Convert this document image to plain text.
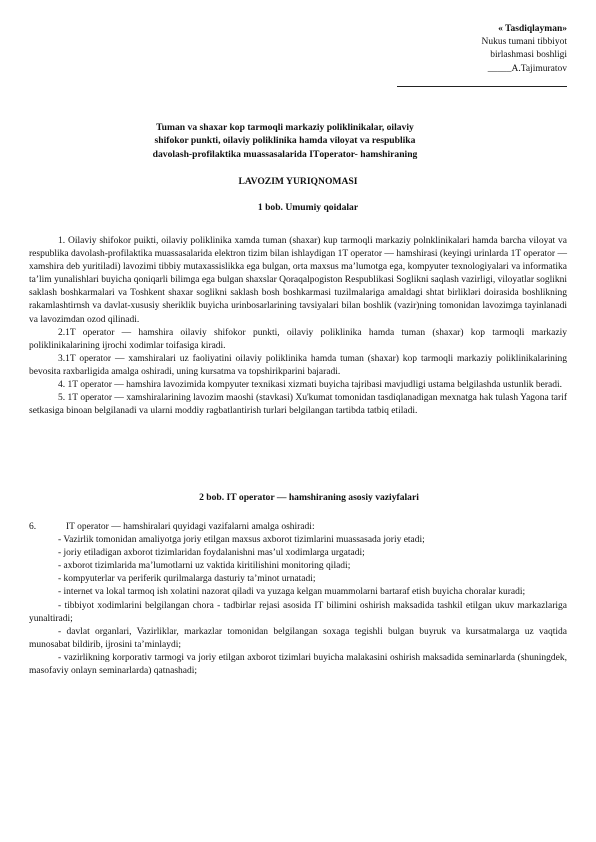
« Tasdiqlayman»
Nukus tumani tibbiyot
birlashmasi boshligi
_____A.Tajimuratov
Tuman va shaxar kop tarmoqli markaziy poliklinikalar, oilaviy
shifokor punkti, oilaviy poliklinika hamda viloyat va respublika
davolash-profilaktika muassasalarida ITоperator- hamshiraning
LAVOZIM YURIQNOMASI
1 bob. Umumiy qoidalar

1. Oilaviy shifokor puikti, oilaviy poliklinika xamda tuman (shaxar) kup tarmoqli markaziy polnklinikalari hamda barcha viloyat va respublika davolash-profilaktika muassasalarida elektron tizim bilan ishlaydigan 1T operator — hamshirasi (keyingi urinlarda 1T operator — xamshira deb yuritiladi) lavozimi tibbiy mutaxassislikka ega bulgan, orta maxsus ma’lumotga ega, kompyuter texnologiyalari va informatika ta’lim yunalishlari buyicha qoniqarli bilimga ega bulgan shaxslar Qoraqalpogiston Respublikasi Soglikni saqlash vazirligi, viloyatlar soglikni saklash boshkarmalari va Toshkent shaxar soglikni saklash bosh boshkarmasi tuzilmalariga amaldagi shtat birlikləri doirasida boshlikning rakamlashtirnsh va davlat-xususiy sheriklik buyicha urinbosarlarining tavsiyalari bilan boshlik (vazir)ning tomonidan lavozimga tayinlanadi va lavozimdan ozod qilinadi.

2.1T operator — hamshira oilaviy shifokor punkti, oilaviy poliklinika hamda tuman (shaxar) kop tarmoqli markaziy poliklinikalarining ijrochi xodimlar toifasiga kiradi.

3.1T operator — xamshiralari uz faoliyatini oilaviy poliklinika hamda tuman (shaxar) kop tarmoqli markaziy poliklinikalarining bevosita raxbarligida amalga oshiradi, uning kursatma va topshirikparini bajaradi.

4. 1T operator — hamshira lavozimida kompyuter texnikasi xizmati buyicha tajribasi mavjudligi ustama belgilashda ustunlik beradi.

5. 1T operator — xamshiralarining lavozim maoshi (stavkasi) Xu'kumat tomonidan tasdiqlanadigan mexnatga hak tulash Yagona tarif setkasiga binoan belgilanadi va ularni moddiy ragbatlantirish turlari belgilangan tartibda tatbiq etiladi.

2 bob. IT operator — hamshiraning asosiy vaziyfalari
6.	IT operator — hamshiralari quyidagi vazifalarni amalga oshiradi:

- Vazirlik tomonidan amaliyotga joriy etilgan maxsus axborot tizimlarini muassasada joriy etadi;

- joriy etiladigan axborot tizimlaridan foydalanishni mas’ul xodimlarga urgatadi;

- axborot tizimlarida ma’lumotlarni uz vaktida kiritilishini monitoring qiladi;

- kompyuterlar va periferik qurilmalarga dasturiy ta’minot urnatadi;

- internet va lokal tarmoq ish xolatini nazorat qiladi va yuzaga kelgan muammolarni bartaraf etish buyicha choralar kuradi;

- tibbiyot xodimlarini belgilangan chora - tadbirlar rejasi asosida IT bilimini oshirish maksadida tashkil etilgan ukuv markazlariga yunaltiradi;

- davlat organlari, Vazirliklar, markazlar tomonidan belgilangan soxaga tegishli bulgan buyruk va kursatmalarga uz vaqtida munosabat bildirib, ijrosini ta’minlaydi;

- vazirlikning korporativ tarmogi va joriy etilgan axborot tizimlari buyicha malakasini oshirish maksadida seminarlarda (shuningdek, masofaviy onlayn seminarlarda) qatnashadi;
